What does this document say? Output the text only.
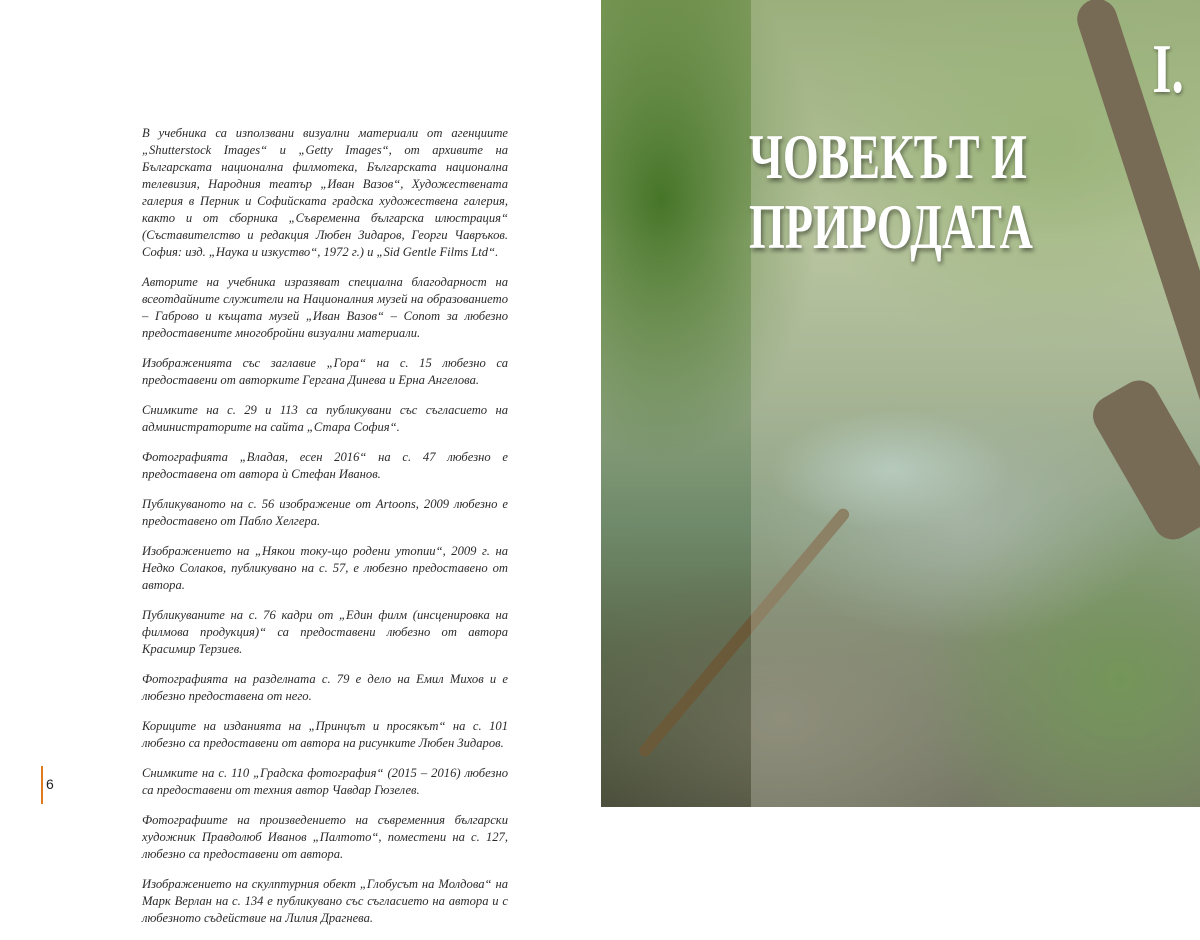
В учебника са използвани визуални материали от агенциите „Shutterstock Images“ и „Getty Images“, от архивите на Българската национална филмотека, Българската национална телевизия, Народния театър „Иван Вазов“, Художествената галерия в Перник и Софийската градска художествена галерия, както и от сборника „Съвременна българска илюстрация“ (Съставителство и редакция Любен Зидаров, Георги Чавръков. София: изд. „Наука и изкуство“, 1972 г.) и „Sid Gentle Films Ltd“.

Авторите на учебника изразяват специална благодарност на всеотдайните служители на Националния музей на образованието – Габрово и къщата музей „Иван Вазов“ – Сопот за любезно предоставените многобройни визуални материали.

Изображенията със заглавие „Гора“ на с. 15 любезно са предоставени от авторките Гергана Динева и Ерна Ангелова.

Снимките на с. 29 и 113 са публикувани със съгласието на администраторите на сайта „Стара София“.

Фотографията „Владая, есен 2016“ на с. 47 любезно е предоставена от автора ѝ Стефан Иванов.

Публикуваното на с. 56 изображение от Artoons, 2009 любезно е предоставено от Пабло Хелгера.

Изображението на „Някои току-що родени утопии“, 2009 г. на Недко Солаков, публикувано на с. 57, е любезно предоставено от автора.

Публикуваните на с. 76 кадри от „Един филм (инсценировка на филмова продукция)“ са предоставени любезно от автора Красимир Терзиев.

Фотографията на разделната с. 79 е дело на Емил Михов и е любезно предоставена от него.

Кориците на изданията на „Принцът и просякът“ на с. 101 любезно са предоставени от автора на рисунките Любен Зидаров.

Снимките на с. 110 „Градска фотография“ (2015 – 2016) любезно са предоставени от техния автор Чавдар Гюзелев.

Фотографиите на произведението на съвременния български художник Правдолюб Иванов „Палтото“, поместени на с. 127, любезно са предоставени от автора.

Изображението на скулптурния обект „Глобусът на Молдова“ на Марк Верлан на с. 134 е публикувано със съгласието на автора и с любезното съдействие на Лилия Драгнева.

6
I.
ЧОВЕКЪТ И
ПРИРОДАТА
